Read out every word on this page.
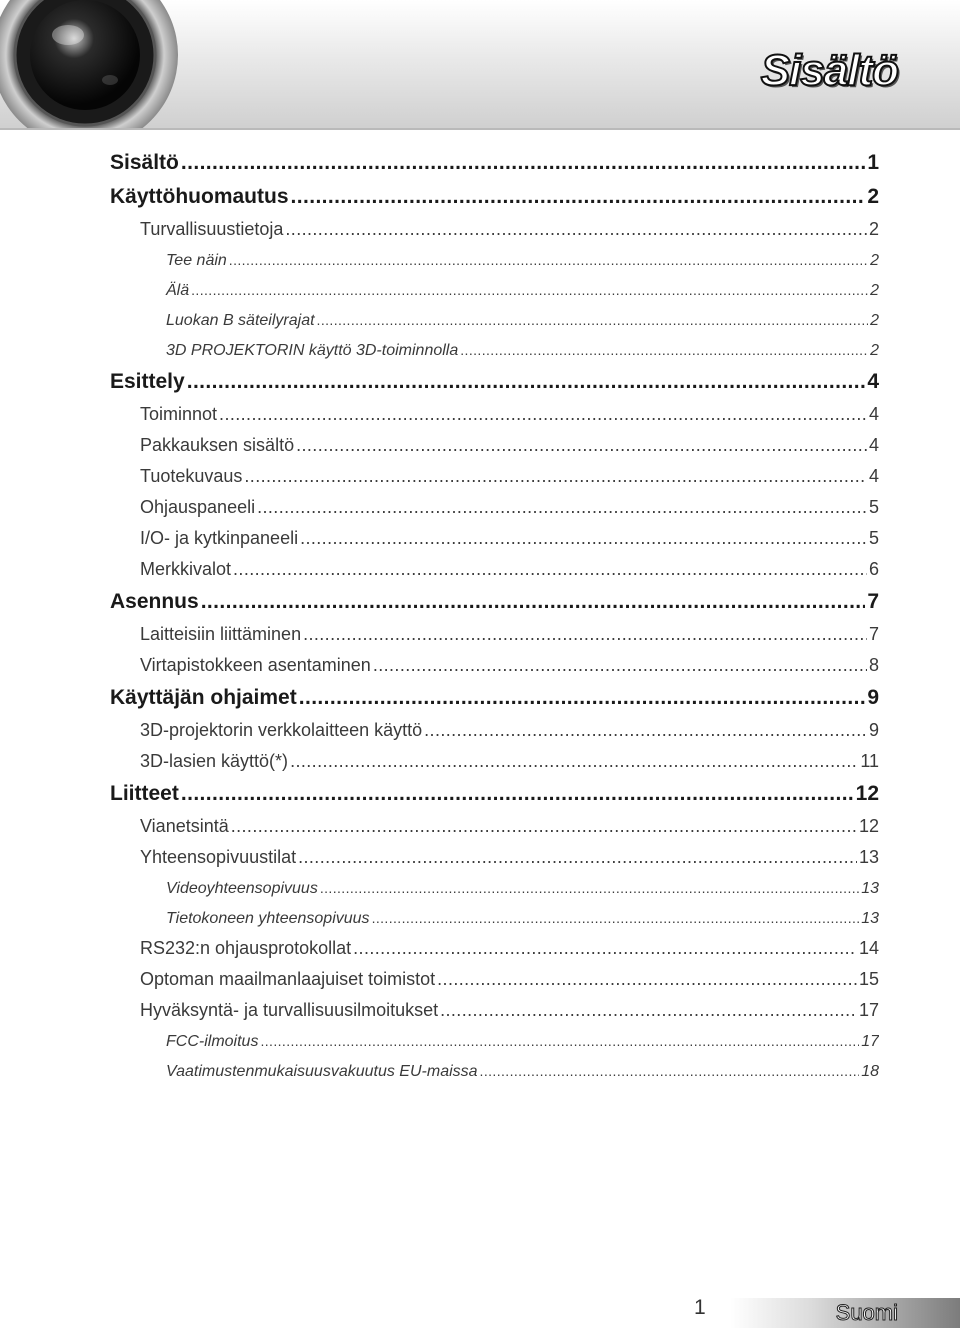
Sisältö
Sisältö .....	1
Käyttöhuomautus .....	2
Turvallisuustietoja .....	2
Tee näin .....	2
Älä .....	2
Luokan B säteilyrajat .....	2
3D PROJEKTORIN käyttö 3D-toiminnolla .....	2
Esittely .....	4
Toiminnot .....	4
Pakkauksen sisältö .....	4
Tuotekuvaus .....	4
Ohjauspaneeli .....	5
I/O- ja kytkinpaneeli .....	5
Merkkivalot .....	6
Asennus .....	7
Laitteisiin liittäminen .....	7
Virtapistokkeen asentaminen .....	8
Käyttäjän ohjaimet .....	9
3D-projektorin verkkolaitteen käyttö .....	9
3D-lasien käyttö(*) .....	11
Liitteet .....	12
Vianetsintä .....	12
Yhteensopivuustilat .....	13
Videoyhteensopivuus .....	13
Tietokoneen yhteensopivuus .....	13
RS232:n ohjausprotokollat .....	14
Optoman maailmanlaajuiset toimistot .....	15
Hyväksyntä- ja turvallisuusilmoitukset .....	17
FCC-ilmoitus .....	17
Vaatimustenmukaisuusvakuutus EU-maissa .....	18
1	Suomi
